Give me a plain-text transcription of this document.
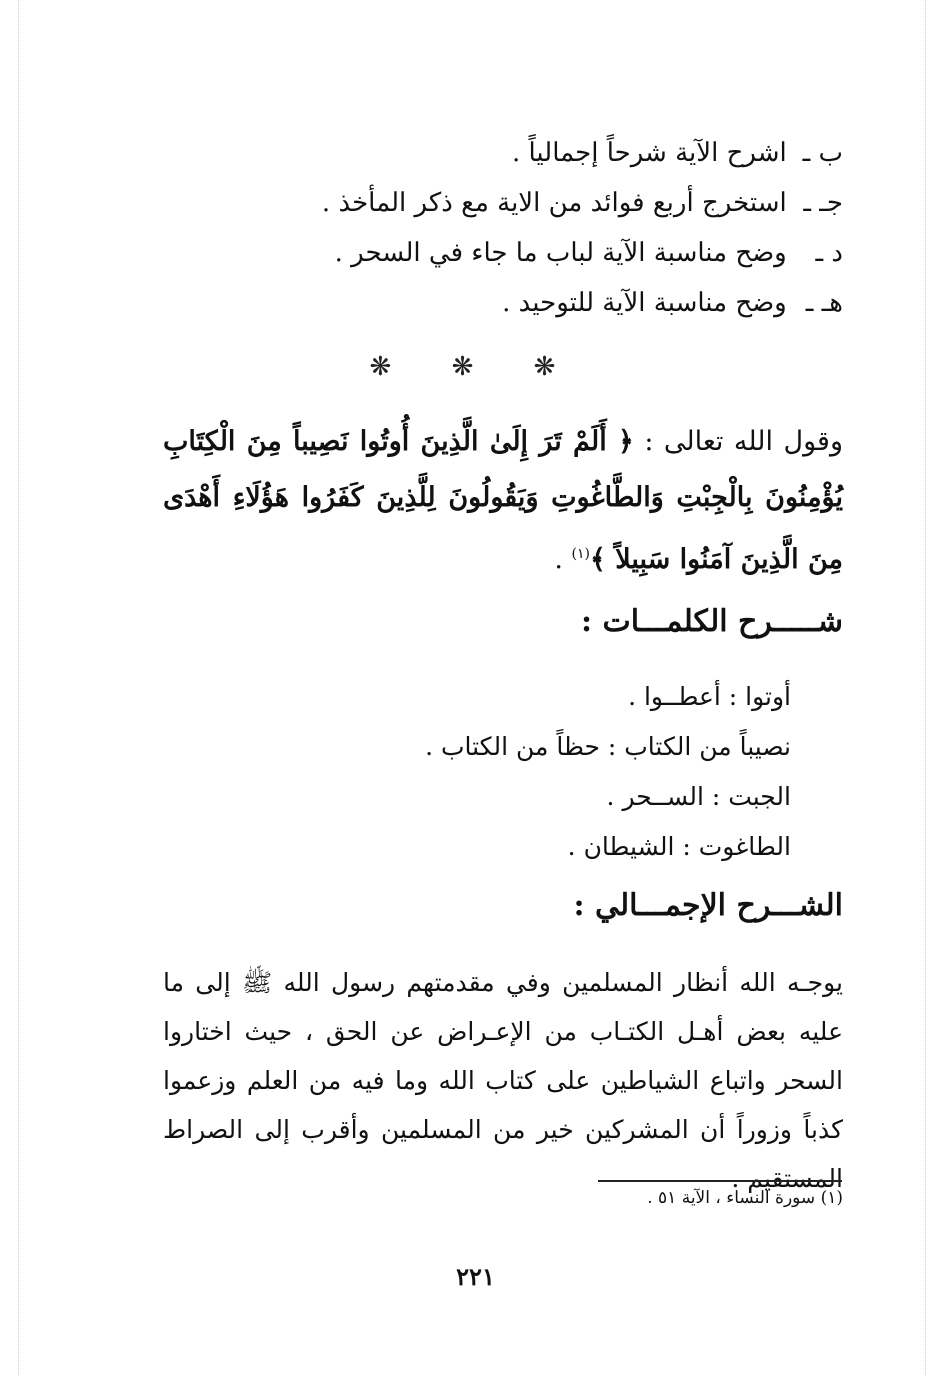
ب ـ اشرح الآية شرحاً إجمالياً .
جـ ـ استخرج أربع فوائد من الاية مع ذكر المأخذ .
د ـ وضح مناسبة الآية لباب ما جاء في السحر .
هـ ـ وضح مناسبة الآية للتوحيد .
❋ ❋ ❋
وقول الله تعالى : ﴿ أَلَمْ تَرَ إِلَىٰ الَّذِينَ أُوتُوا نَصِيباً مِنَ الْكِتَابِ يُؤْمِنُونَ بِالْجِبْتِ وَالطَّاغُوتِ وَيَقُولُونَ لِلَّذِينَ كَفَرُوا هَؤُلَاءِ أَهْدَى مِنَ الَّذِينَ آمَنُوا سَبِيلاً ﴾$^{(١)}$ .
شـــــرح الكلمـــات :
أوتوا : أعطــوا .
نصيباً من الكتاب : حظاً من الكتاب .
الجبت : الســحر .
الطاغوت : الشيطان .
الشـــرح الإجمـــالي :
يوجـه الله أنظار المسلمين وفي مقدمتهم رسول الله ﷺ إلى ما عليه بعض أهـل الكتـاب من الإعـراض عن الحق ، حيث اختاروا السحر واتباع الشياطين على كتاب الله وما فيه من العلم وزعموا كذباً وزوراً أن المشركين خير من المسلمين وأقرب إلى الصراط المستقيم .
(١) سورة النساء ، الآية ٥١ .
٢٢١
